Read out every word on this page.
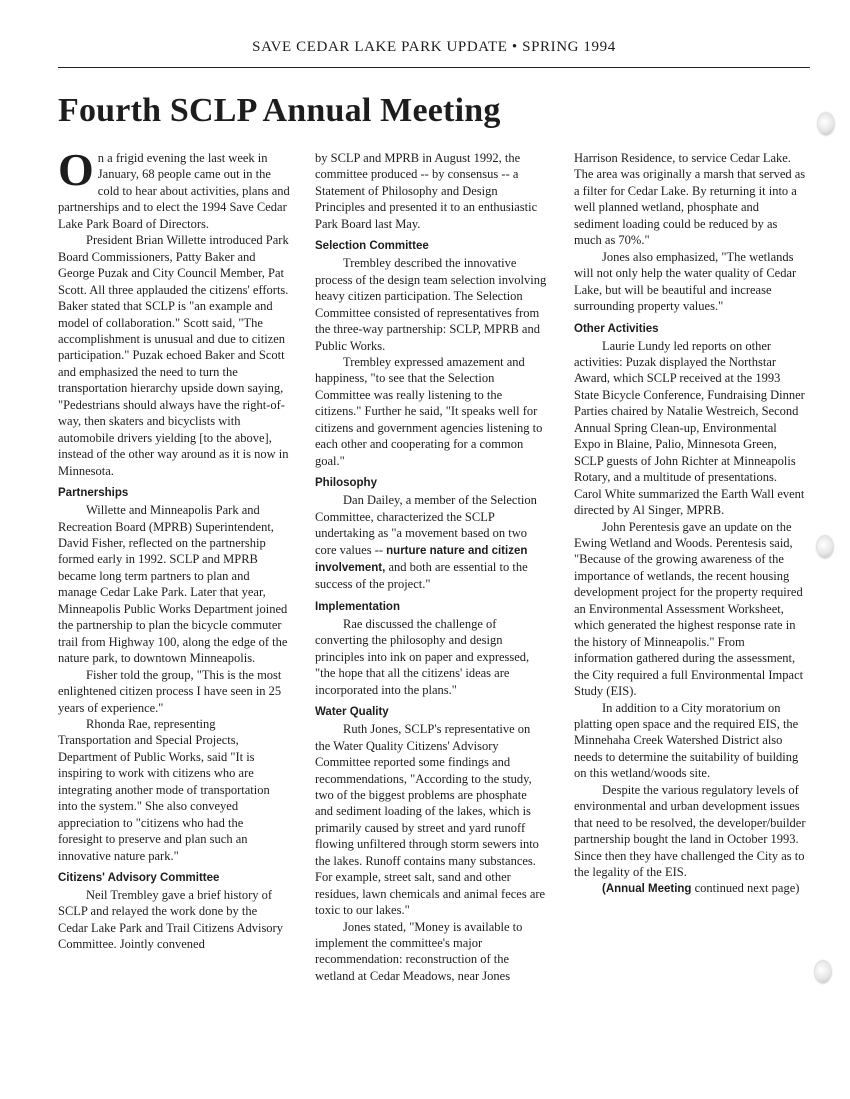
SAVE CEDAR LAKE PARK UPDATE • SPRING 1994
Fourth SCLP Annual Meeting

On a frigid evening the last week in January, 68 people came out in the cold to hear about activities, plans and partnerships and to elect the 1994 Save Cedar Lake Park Board of Directors.

President Brian Willette introduced Park Board Commissioners, Patty Baker and George Puzak and City Council Member, Pat Scott. All three applauded the citizens' efforts. Baker stated that SCLP is "an example and model of collaboration." Scott said, "The accomplishment is unusual and due to citizen participation." Puzak echoed Baker and Scott and emphasized the need to turn the transportation hierarchy upside down saying, "Pedestrians should always have the right-of-way, then skaters and bicyclists with automobile drivers yielding [to the above], instead of the other way around as it is now in Minnesota.

Partnerships

Willette and Minneapolis Park and Recreation Board (MPRB) Superintendent, David Fisher, reflected on the partnership formed early in 1992. SCLP and MPRB became long term partners to plan and manage Cedar Lake Park. Later that year, Minneapolis Public Works Department joined the partnership to plan the bicycle commuter trail from Highway 100, along the edge of the nature park, to downtown Minneapolis.

Fisher told the group, "This is the most enlightened citizen process I have seen in 25 years of experience."

Rhonda Rae, representing Transportation and Special Projects, Department of Public Works, said "It is inspiring to work with citizens who are integrating another mode of transportation into the system." She also conveyed appreciation to "citizens who had the foresight to preserve and plan such an innovative nature park."

Citizens' Advisory Committee

Neil Trembley gave a brief history of SCLP and relayed the work done by the Cedar Lake Park and Trail Citizens Advisory Committee. Jointly convened

by SCLP and MPRB in August 1992, the committee produced -- by consensus -- a Statement of Philosophy and Design Principles and presented it to an enthusiastic Park Board last May.

Selection Committee

Trembley described the innovative process of the design team selection involving heavy citizen participation. The Selection Committee consisted of representatives from the three-way partnership: SCLP, MPRB and Public Works.

Trembley expressed amazement and happiness, "to see that the Selection Committee was really listening to the citizens." Further he said, "It speaks well for citizens and government agencies listening to each other and cooperating for a common goal."

Philosophy

Dan Dailey, a member of the Selection Committee, characterized the SCLP undertaking as "a movement based on two core values -- nurture nature and citizen involvement, and both are essential to the success of the project."

Implementation

Rae discussed the challenge of converting the philosophy and design principles into ink on paper and expressed, "the hope that all the citizens' ideas are incorporated into the plans."

Water Quality

Ruth Jones, SCLP's representative on the Water Quality Citizens' Advisory Committee reported some findings and recommendations, "According to the study, two of the biggest problems are phosphate and sediment loading of the lakes, which is primarily caused by street and yard runoff flowing unfiltered through storm sewers into the lakes. Runoff contains many substances. For example, street salt, sand and other residues, lawn chemicals and animal feces are toxic to our lakes."

Jones stated, "Money is available to implement the committee's major recommendation: reconstruction of the wetland at Cedar Meadows, near Jones

Harrison Residence, to service Cedar Lake. The area was originally a marsh that served as a filter for Cedar Lake. By returning it into a well planned wetland, phosphate and sediment loading could be reduced by as much as 70%."

Jones also emphasized, "The wetlands will not only help the water quality of Cedar Lake, but will be beautiful and increase surrounding property values."

Other Activities

Laurie Lundy led reports on other activities: Puzak displayed the Northstar Award, which SCLP received at the 1993 State Bicycle Conference, Fundraising Dinner Parties chaired by Natalie Westreich, Second Annual Spring Clean-up, Environmental Expo in Blaine, Palio, Minnesota Green, SCLP guests of John Richter at Minneapolis Rotary, and a multitude of presentations. Carol White summarized the Earth Wall event directed by Al Singer, MPRB.

John Perentesis gave an update on the Ewing Wetland and Woods. Perentesis said, "Because of the growing awareness of the importance of wetlands, the recent housing development project for the property required an Environmental Assessment Worksheet, which generated the highest response rate in the history of Minneapolis." From information gathered during the assessment, the City required a full Environmental Impact Study (EIS).

In addition to a City moratorium on platting open space and the required EIS, the Minnehaha Creek Watershed District also needs to determine the suitability of building on this wetland/woods site.

Despite the various regulatory levels of environmental and urban development issues that need to be resolved, the developer/builder partnership bought the land in October 1993. Since then they have challenged the City as to the legality of the EIS.

(Annual Meeting continued next page)
